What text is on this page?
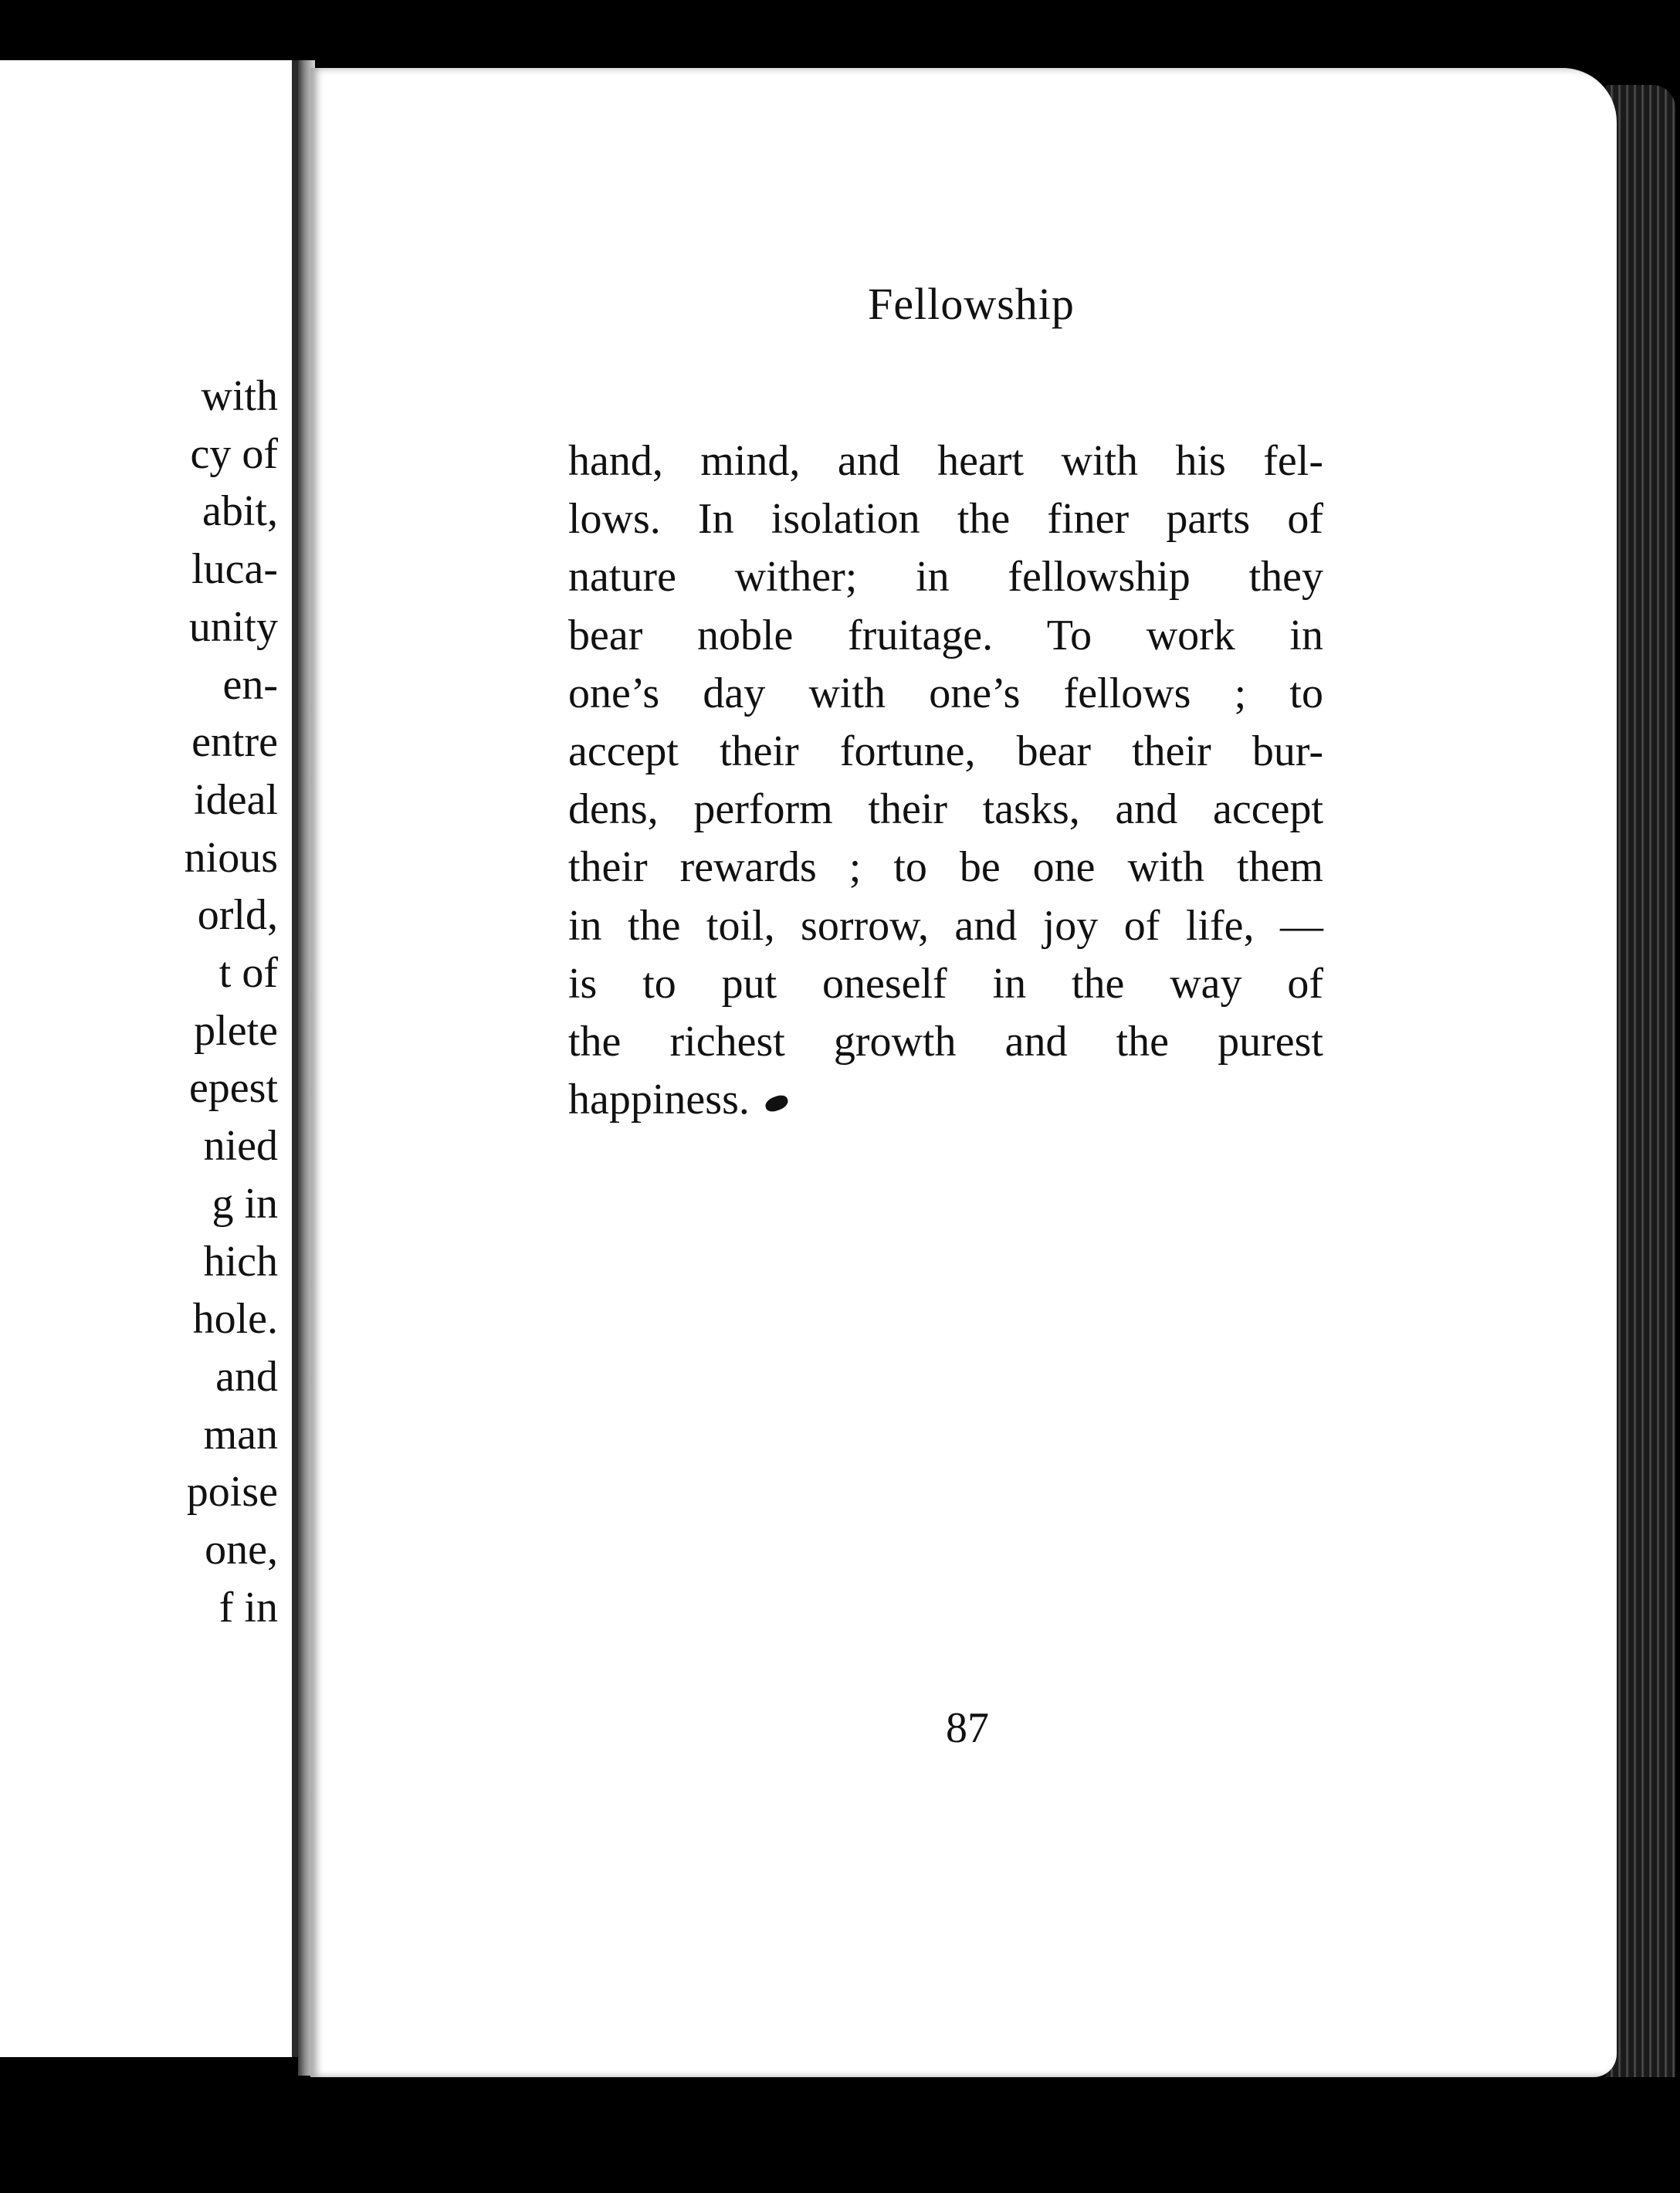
with
cy of
abit,
luca-
unity
en-
entre
ideal
nious
orld,
t of
plete
epest
nied
g in
hich
hole.
and
man
poise
one,
f in
Fellowship
hand, mind, and heart with his fel-
lows. In isolation the finer parts of
nature wither; in fellowship they
bear noble fruitage. To work in
one’s day with one’s fellows ; to
accept their fortune, bear their bur-
dens, perform their tasks, and accept
their rewards ; to be one with them
in the toil, sorrow, and joy of life, —
is to put oneself in the way of
the richest growth and the purest
happiness.
87
